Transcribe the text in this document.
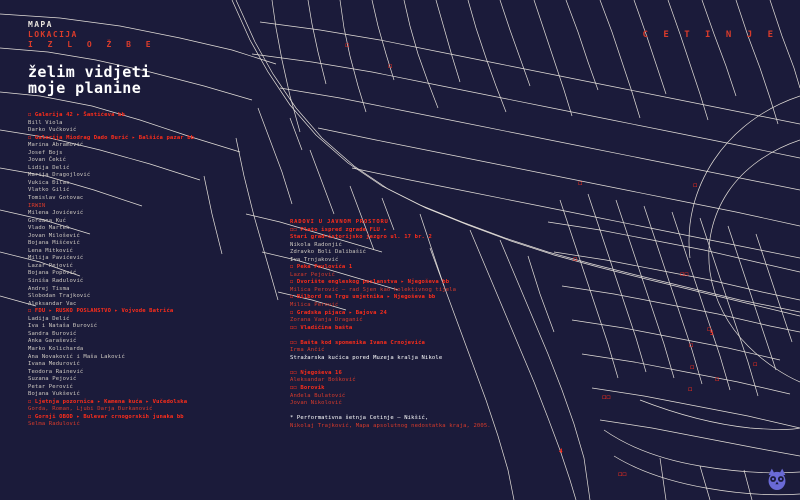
MAPA
LOKACIJA
I Z L O Ž B E
C E T I N J E
želim vidjeti
moje planine
◻ Galerija 42 ▸ Šantićeva bb
Bill Viola
Darko Vučković
◻ Galerija Miodrag Dado Đurić ▸ Balšića pazar bb
Marina Abramović
Josef Bojs
Jovan Čekić
Lidija Delić
Marija Dragojlović
Vukica Đilas
Vlatko Gilić
Tomislav Gotovac
IRWIN
Milena Jovićević
Gordana Kuć
Vlado Martek
Jovan Milošević
Bojana Mišćević
Lena Mitković
Milija Pavićević
Lazar Pejović
Bojana Popović
Siniša Radulović
Andrej Tisma
Slobodan Trajković
Aleksandar Vac
◻ FDU ▸ RUSKO POSLANSTVO ▸ Vojvode Batrića
Ladija Delić
Iva i Nataša Đurović
Sandra Đurović
Anka Garašević
Marko Kolicharda
Ana Novaković i Maša Laković
Ivana Medurović
Teodora Rainević
Suzana Pejović
Petar Perović
Bojana Vukšević
◻ Ljetnja pozornica ▸ Kamena kuća ▸ Vučedolska
Gorda, Roman, Ljubi Darja Đurkanović
◻ Gornji OBOD ▸ Bulevar crnogorskih junaka bb
Selma Radulović
RADOVI U JAVNOM PROSTORU
◻◻ Plato ispred zgrade FLU ▸
Stari grad–istorijsko jezgro ul. 17 br. 2
Nikola Radonjić
Zdravko Boli Dalibašić
Iva Trnjaković
◻ Peka Pavlovića 1
Lazar Pejović
◻ Dvorište engleskog poslanstva ▸ Njegoševa bb
Milica Perović – rad Sjen kao kolektivnog tijela
◻ Bilbord na Trgu umjetnika ▸ Njegoševa bb
Milica Perović
◻ Gradska pijaca ▸ Bajova 24
Zorana Vanja Draganić
◻◻ Vladičina bašta

◻◻ Bašta kod spomenika Ivana Crnojevića
Irma Ančić
Stražarska kućica pored Muzeja kralja Nikole

◻◻ Njegoševa 16
Aleksandar Bošković
◻◻ Borovik
Anđela Bulatović
Jovan Nikolović

* Performativna šetnja Cetinje – Nikšić,
Nikolaj Trajković, Mapa apsolutnog nedostatka kraja, 2005.
◻
◻
◻	◻
◻
◻◻
◻
◻
◻
◻
◻
◻◻
◻◻
◻
5
4
